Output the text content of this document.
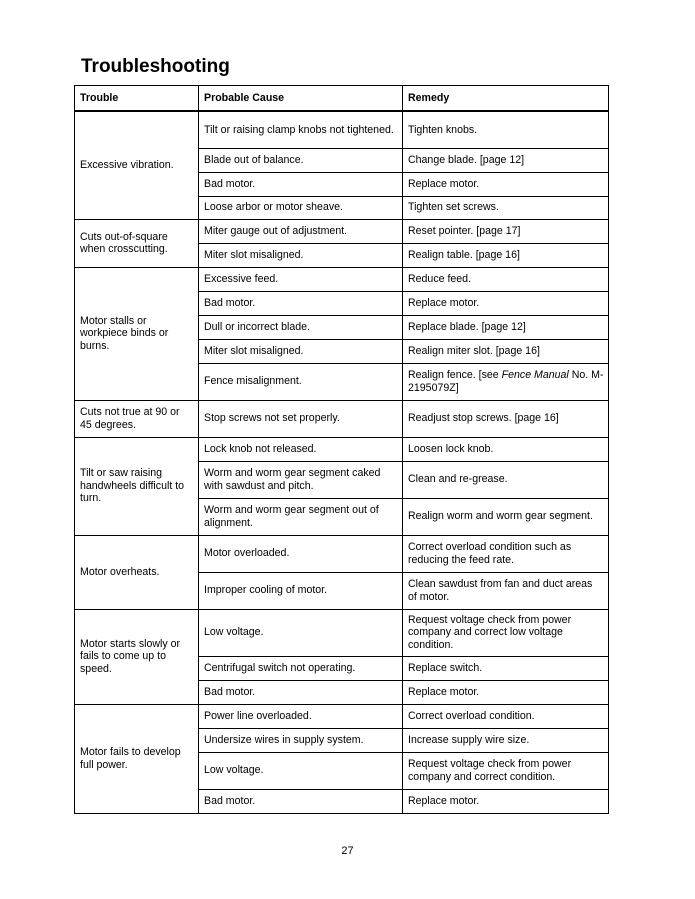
Troubleshooting
Trouble	Probable Cause	Remedy
Excessive vibration.	Tilt or raising clamp knobs not tightened.	Tighten knobs.
	Blade out of balance.	Change blade. [page 12]
	Bad motor.	Replace motor.
	Loose arbor or motor sheave.	Tighten set screws.
Cuts out-of-square when crosscutting.	Miter gauge out of adjustment.	Reset pointer. [page 17]
	Miter slot misaligned.	Realign table. [page 16]
Motor stalls or workpiece binds or burns.	Excessive feed.	Reduce feed.
	Bad motor.	Replace motor.
	Dull or incorrect blade.	Replace blade. [page 12]
	Miter slot misaligned.	Realign miter slot. [page 16]
	Fence misalignment.	Realign fence. [see Fence Manual No. M-2195079Z]
Cuts not true at 90 or 45 degrees.	Stop screws not set properly.	Readjust stop screws. [page 16]
Tilt or saw raising handwheels difficult to turn.	Lock knob not released.	Loosen lock knob.
	Worm and worm gear segment caked with sawdust and pitch.	Clean and re-grease.
	Worm and worm gear segment out of alignment.	Realign worm and worm gear segment.
Motor overheats.	Motor overloaded.	Correct overload condition such as reducing the feed rate.
	Improper cooling of motor.	Clean sawdust from fan and duct areas of motor.
Motor starts slowly or fails to come up to speed.	Low voltage.	Request voltage check from power company and correct low voltage condition.
	Centrifugal switch not operating.	Replace switch.
	Bad motor.	Replace motor.
Motor fails to develop full power.	Power line overloaded.	Correct overload condition.
	Undersize wires in supply system.	Increase supply wire size.
	Low voltage.	Request voltage check from power company and correct condition.
	Bad motor.	Replace motor.
27
